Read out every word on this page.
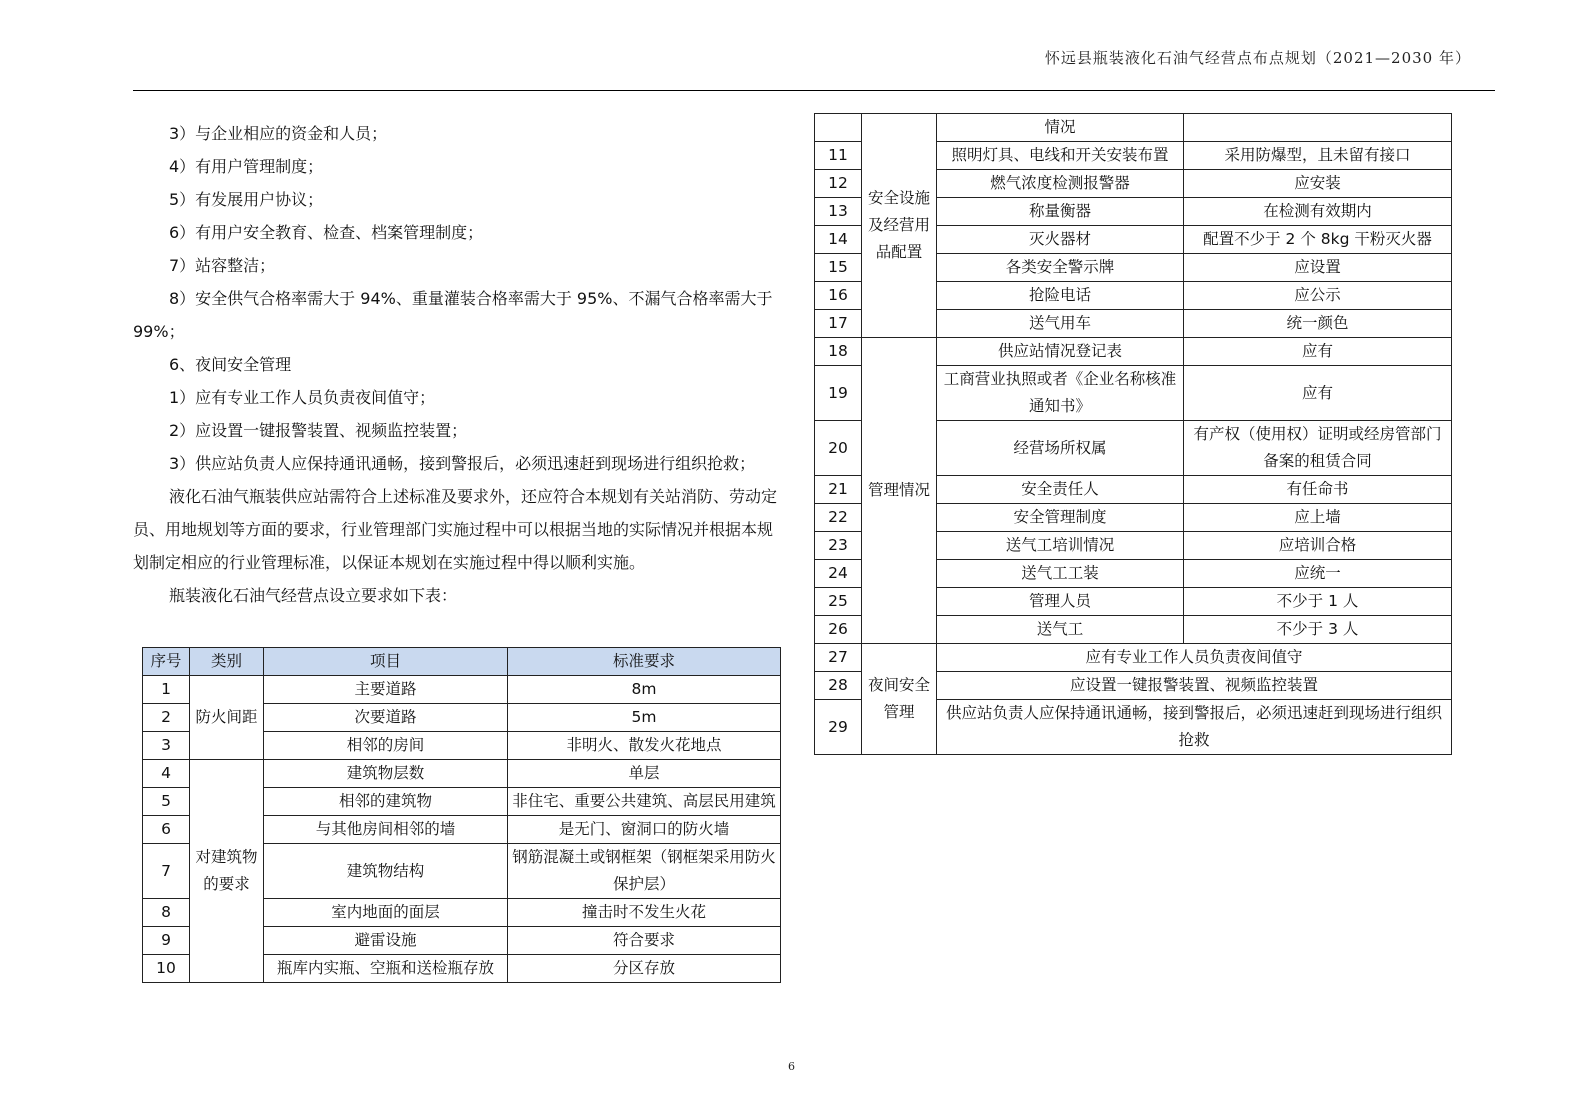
怀远县瓶装液化石油气经营点布点规划（2021—2030 年）

3）与企业相应的资金和人员；

4）有用户管理制度；

5）有发展用户协议；

6）有用户安全教育、检查、档案管理制度；

7）站容整洁；

8）安全供气合格率需大于 94%、重量灌装合格率需大于 95%、不漏气合格率需大于 99%；

6、夜间安全管理

1）应有专业工作人员负责夜间值守；

2）应设置一键报警装置、视频监控装置；

3）供应站负责人应保持通讯通畅，接到警报后，必须迅速赶到现场进行组织抢救；

液化石油气瓶装供应站需符合上述标准及要求外，还应符合本规划有关站消防、劳动定员、用地规划等方面的要求，行业管理部门实施过程中可以根据当地的实际情况并根据本规划制定相应的行业管理标准，以保证本规划在实施过程中得以顺利实施。

瓶装液化石油气经营点设立要求如下表：

序号	类别	项目	标准要求
1	防火间距	主要道路	8m
2		次要道路	5m
3		相邻的房间	非明火、散发火花地点
4	对建筑物的要求	建筑物层数	单层
5		相邻的建筑物	非住宅、重要公共建筑、高层民用建筑
6		与其他房间相邻的墙	是无门、窗洞口的防火墙
7		建筑物结构	钢筋混凝土或钢框架（钢框架采用防火保护层）
8		室内地面的面层	撞击时不发生火花
9		避雷设施	符合要求
10		瓶库内实瓶、空瓶和送检瓶存放	分区存放
	安全设施及经营用品配置	情况	
11		照明灯具、电线和开关安装布置	采用防爆型，且未留有接口
12		燃气浓度检测报警器	应安装
13		称量衡器	在检测有效期内
14		灭火器材	配置不少于 2 个 8kg 干粉灭火器
15		各类安全警示牌	应设置
16		抢险电话	应公示
17		送气用车	统一颜色
18	管理情况	供应站情况登记表	应有
19		工商营业执照或者《企业名称核准通知书》	应有
20		经营场所权属	有产权（使用权）证明或经房管部门备案的租赁合同
21		安全责任人	有任命书
22		安全管理制度	应上墙
23		送气工培训情况	应培训合格
24		送气工工装	应统一
25		管理人员	不少于 1 人
26		送气工	不少于 3 人
27	夜间安全管理	应有专业工作人员负责夜间值守	
28		应设置一键报警装置、视频监控装置	
29		供应站负责人应保持通讯通畅，接到警报后，必须迅速赶到现场进行组织抢救	
6
